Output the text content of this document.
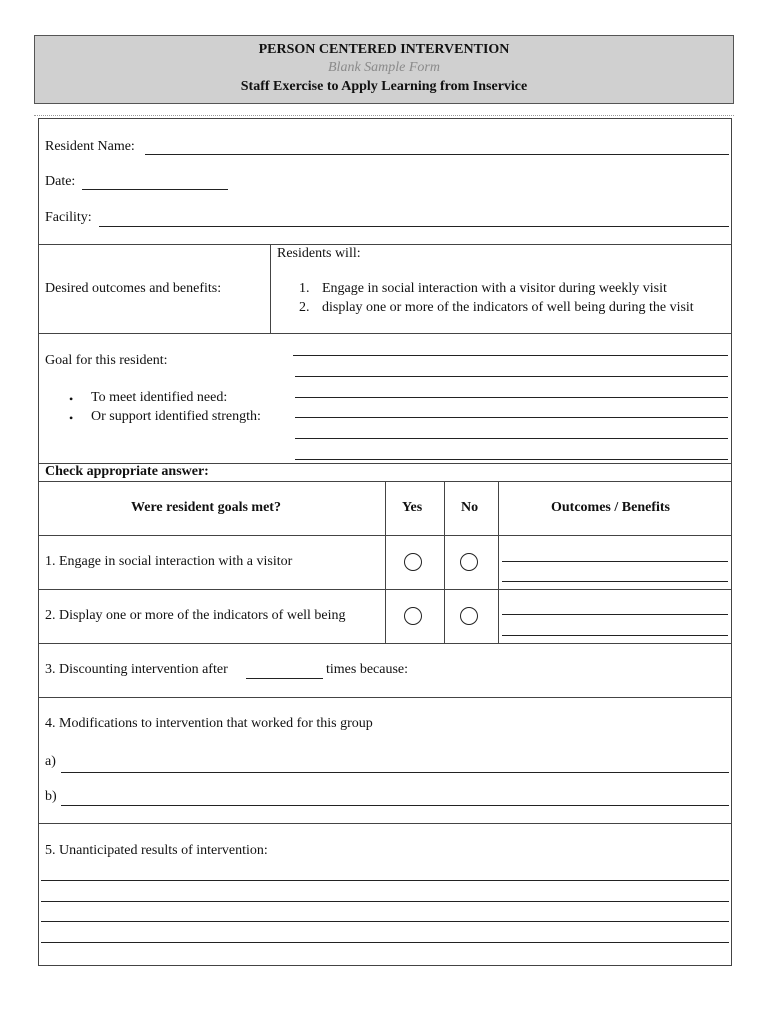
PERSON CENTERED INTERVENTION
Blank Sample Form
Staff Exercise to Apply Learning from Inservice
Resident Name:
Date:
Facility:
Desired outcomes and benefits:
Residents will:
1. Engage in social interaction with a visitor during weekly visit
2. display one or more of the indicators of well being during the visit
Goal for this resident:
• To meet identified need:
• Or support identified strength:
Check appropriate answer:
Were resident goals met?	Yes	No	Outcomes / Benefits
1. Engage in social interaction with a visitor
2. Display one or more of the indicators of well being
3. Discounting intervention after	times because:
4. Modifications to intervention that worked for this group
a)
b)
5. Unanticipated results of intervention:
